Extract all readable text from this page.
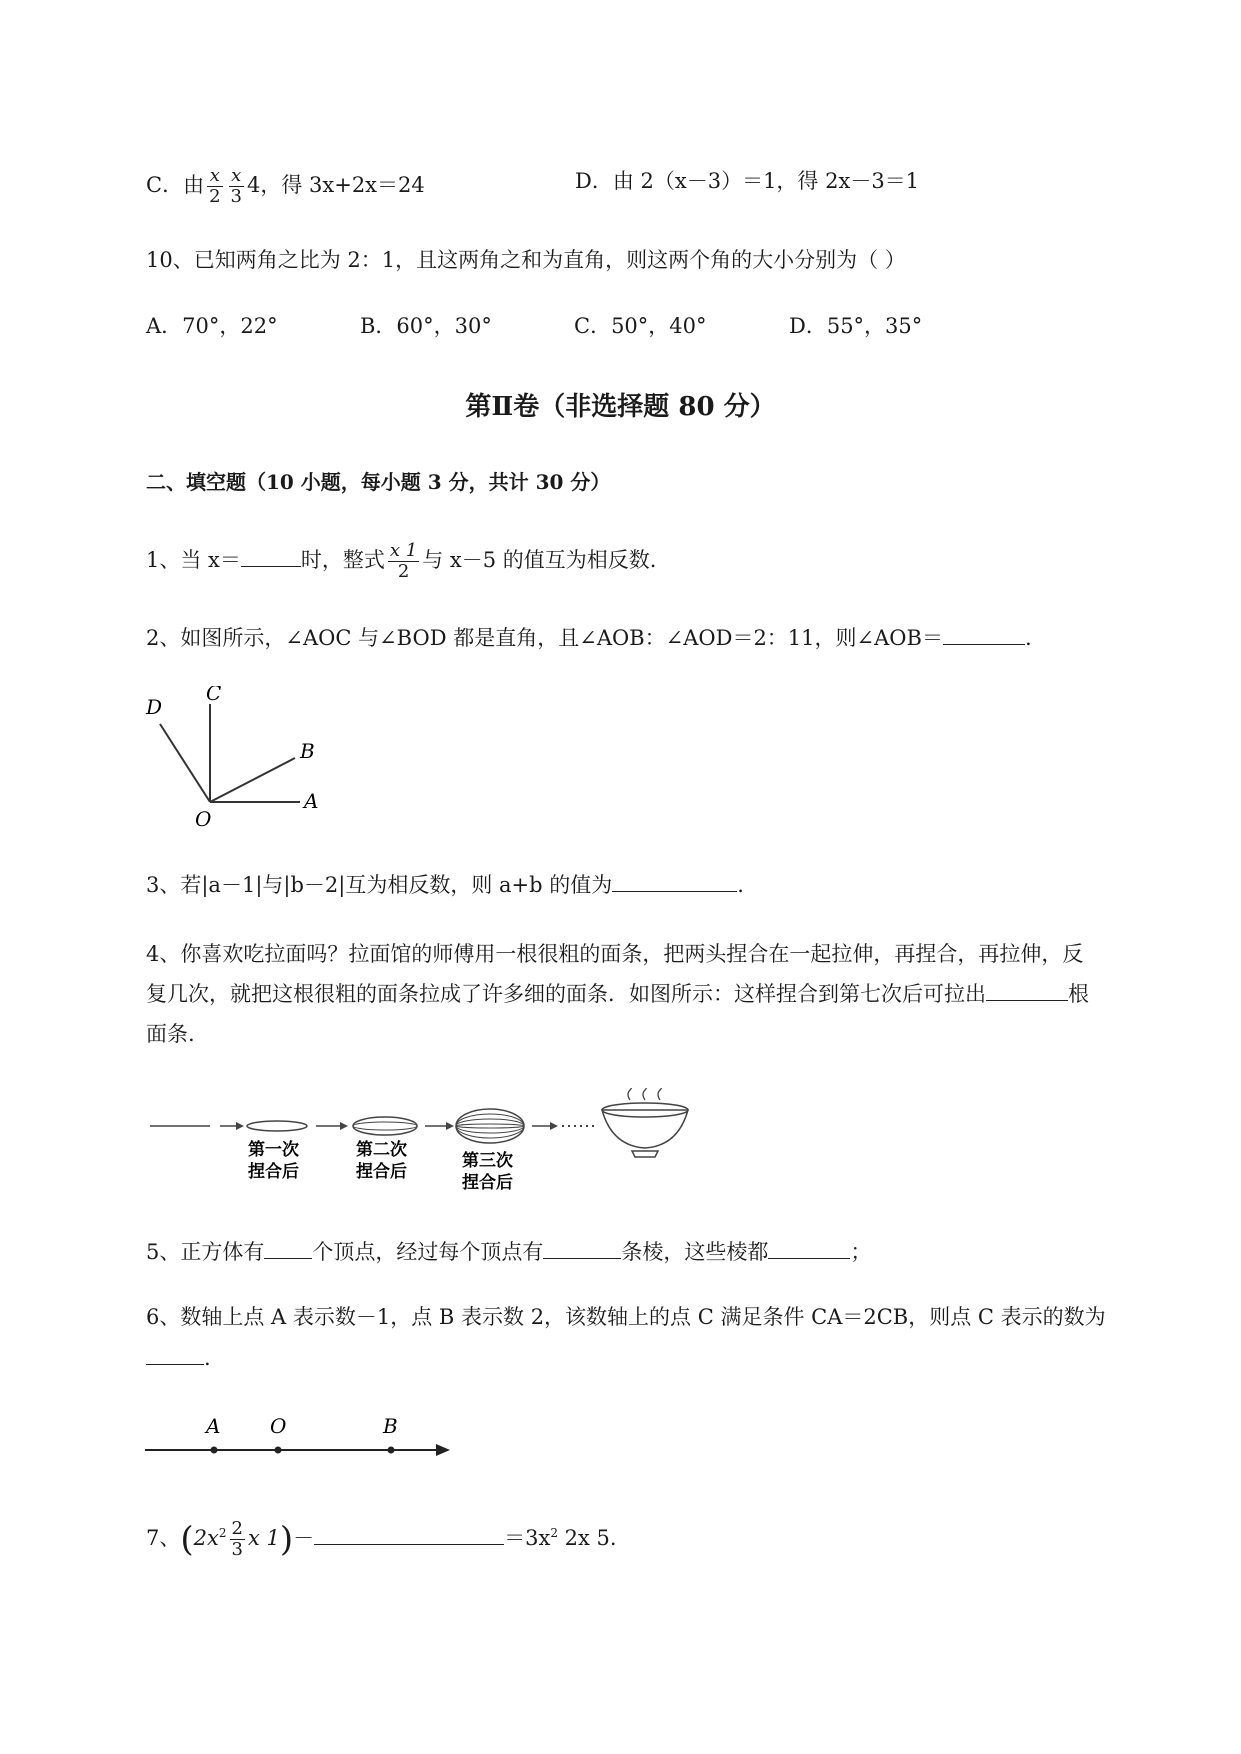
C．由 $\frac{x}{2} \frac{x}{3} 4$，得 3x+2x＝24	D．由 2（x－3）＝1，得 2x－3＝1
10、已知两角之比为 2：1，且这两角之和为直角，则这两个角的大小分别为（ ）
A．70°，22°	B．60°，30°	C．50°，40°	D．55°，35°
第Ⅱ卷（非选择题 80 分）
二、填空题（10 小题，每小题 3 分，共计 30 分）
1、当 x＝	时，整式 $\frac{x 1}{2}$ 与 x－5 的值互为相反数.
2、如图所示，∠AOC 与∠BOD 都是直角，且∠AOB：∠AOD＝2：11，则∠AOB＝	.
D
C
B
O
A
3、若|a－1|与|b－2|互为相反数，则 a+b 的值为	.
4、你喜欢吃拉面吗？拉面馆的师傅用一根很粗的面条，把两头捏合在一起拉伸，再捏合，再拉伸，反
复几次，就把这根很粗的面条拉成了许多细的面条．如图所示：这样捏合到第七次后可拉出	根
面条.
第一次
捏合后
第二次
捏合后
第三次
捏合后
5、正方体有 个顶点，经过每个顶点有	条棱，这些棱都	；
6、数轴上点 A 表示数－1，点 B 表示数 2，该数轴上的点 C 满足条件 CA＝2CB，则点 C 表示的数为
.
A O	B
7、($2x^2 \frac{2}{3}$ x 1)－	$=3x^2$ 2x 5.
